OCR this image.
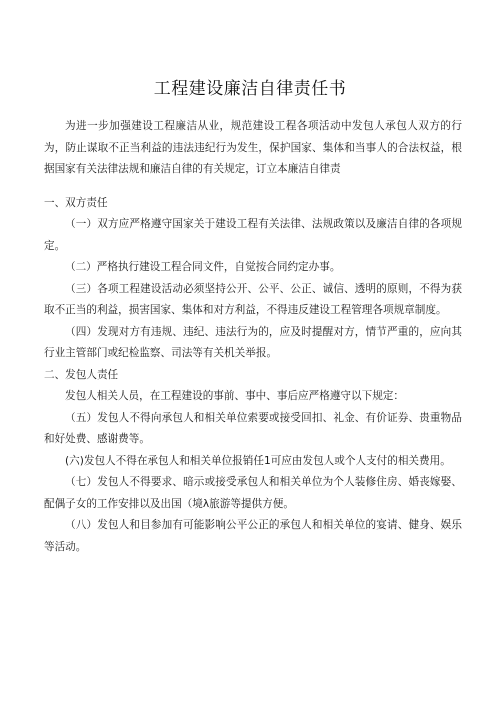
工程建设廉洁自律责任书

为进一步加强建设工程廉洁从业，规范建设工程各项活动中发包人承包人双方的行为，防止谋取不正当利益的违法违纪行为发生，保护国家、集体和当事人的合法权益，根据国家有关法律法规和廉洁自律的有关规定，订立本廉洁自律责

一、双方责任

（一）双方应严格遵守国家关于建设工程有关法律、法规政策以及廉洁自律的各项规定。

（二）严格执行建设工程合同文件，自觉按合同约定办事。

（三）各项工程建设活动必须坚持公开、公平、公正、诚信、透明的原则，不得为获取不正当的利益，损害国家、集体和对方利益，不得违反建设工程管理各项规章制度。

（四）发现对方有违规、违纪、违法行为的，应及时提醒对方，情节严重的，应向其行业主管部门或纪检监察、司法等有关机关举报。

二、发包人责任

发包人相关人员，在工程建设的事前、事中、事后应严格遵守以下规定：

（五）发包人不得向承包人和相关单位索要或接受回扣、礼金、有价证券、贵重物品和好处费、感谢费等。

(六)发包人不得在承包人和相关单位报销任1可应由发包人或个人支付的相关费用。

（七）发包人不得要求、暗示或接受承包人和相关单位为个人装修住房、婚丧嫁娶、配偶子女的工作安排以及出国（境λ旅游等提供方便。

（八）发包人和目参加有可能影响公平公正的承包人和相关单位的宴请、健身、娱乐等活动。
